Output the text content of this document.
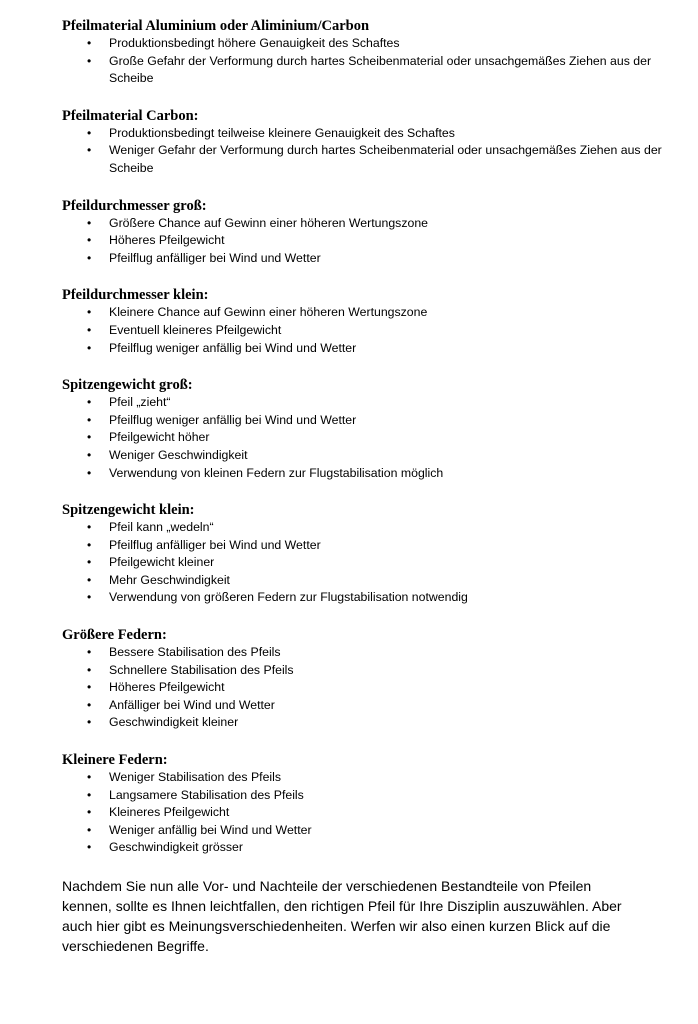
Pfeilmaterial Aluminium oder Aliminium/Carbon
• Produktionsbedingt höhere Genauigkeit des Schaftes
• Große Gefahr der Verformung durch hartes Scheibenmaterial oder unsachgemäßes Ziehen aus der Scheibe
Pfeilmaterial Carbon:
• Produktionsbedingt teilweise kleinere Genauigkeit des Schaftes
• Weniger Gefahr der Verformung durch hartes Scheibenmaterial oder unsachgemäßes Ziehen aus der Scheibe
Pfeildurchmesser groß:
• Größere Chance auf Gewinn einer höheren Wertungszone
• Höheres Pfeilgewicht
• Pfeilflug anfälliger bei Wind und Wetter
Pfeildurchmesser klein:
• Kleinere Chance auf Gewinn einer höheren Wertungszone
• Eventuell kleineres Pfeilgewicht
• Pfeilflug weniger anfällig bei Wind und Wetter
Spitzengewicht groß:
• Pfeil „zieht“
• Pfeilflug weniger anfällig bei Wind und Wetter
• Pfeilgewicht höher
• Weniger Geschwindigkeit
• Verwendung von kleinen Federn zur Flugstabilisation möglich
Spitzengewicht klein:
• Pfeil kann „wedeln“
• Pfeilflug anfälliger bei Wind und Wetter
• Pfeilgewicht kleiner
• Mehr Geschwindigkeit
• Verwendung von größeren Federn zur Flugstabilisation notwendig
Größere Federn:
• Bessere Stabilisation des Pfeils
• Schnellere Stabilisation des Pfeils
• Höheres Pfeilgewicht
• Anfälliger bei Wind und Wetter
• Geschwindigkeit kleiner
Kleinere Federn:
• Weniger Stabilisation des Pfeils
• Langsamere Stabilisation des Pfeils
• Kleineres Pfeilgewicht
• Weniger anfällig bei Wind und Wetter
• Geschwindigkeit grösser

Nachdem Sie nun alle Vor- und Nachteile der verschiedenen Bestandteile von Pfeilen kennen, sollte es Ihnen leichtfallen, den richtigen Pfeil für Ihre Disziplin auszuwählen. Aber auch hier gibt es Meinungsverschiedenheiten. Werfen wir also einen kurzen Blick auf die verschiedenen Begriffe.
